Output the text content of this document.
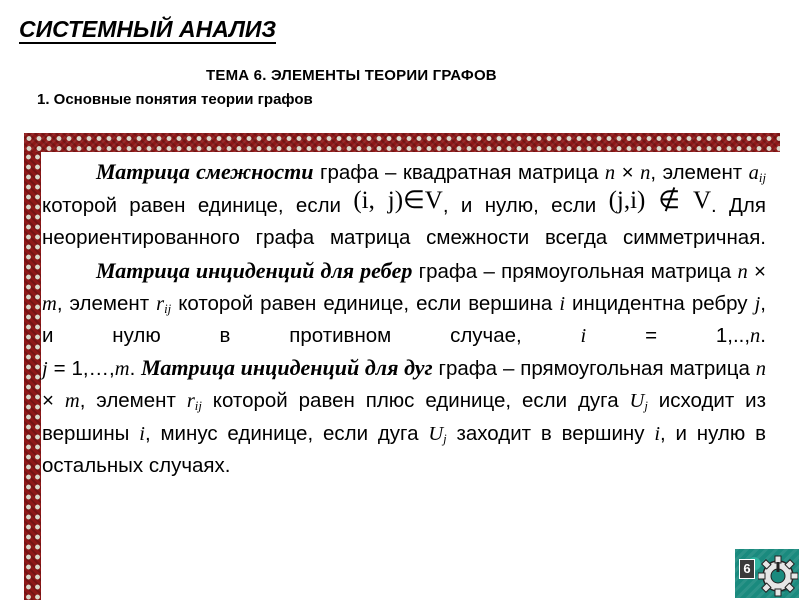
СИСТЕМНЫЙ АНАЛИЗ
ТЕМА 6. ЭЛЕМЕНТЫ ТЕОРИИ ГРАФОВ
1. Основные понятия теории графов

Матрица смежности графа – квадратная матрица n × n, элемент $a_{ij}$ которой равен единице, если (i, j)∈V, и нулю, если (j,i) ∉ V. Для неориентированного графа матрица смежности всегда симметричная.

Матрица инциденций для ребер графа – прямоугольная матрица n × m, элемент $r_{ij}$ которой равен единице, если вершина i инцидентна ребру j, и нулю в противном случае, i = 1,..,n.

j = 1,…,m. Матрица инциденций для дуг графа – прямоугольная матрица n × m, элемент $r_{ij}$ которой равен плюс единице, если дуга $U_j$ исходит из вершины i, минус единице, если дуга $U_j$ заходит в вершину i, и нулю в остальных случаях.

6
